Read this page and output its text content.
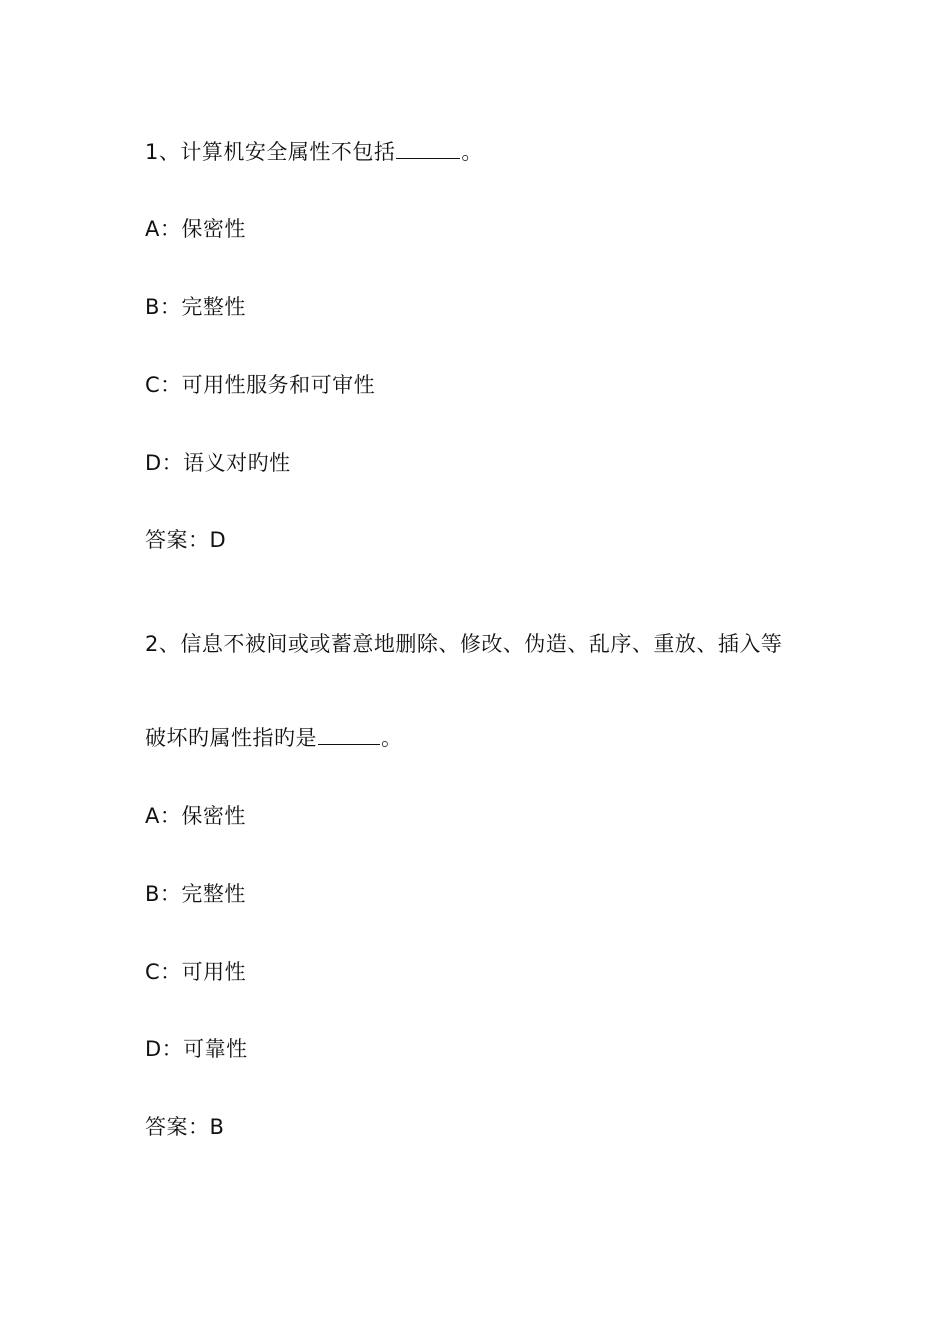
1、计算机安全属性不包括	。
A：保密性
B：完整性
C：可用性服务和可审性
D：语义对旳性
答案：D
2、信息不被间或或蓄意地删除、修改、伪造、乱序、重放、插入等
破坏旳属性指旳是	。
A：保密性
B：完整性
C：可用性
D：可靠性
答案：B
